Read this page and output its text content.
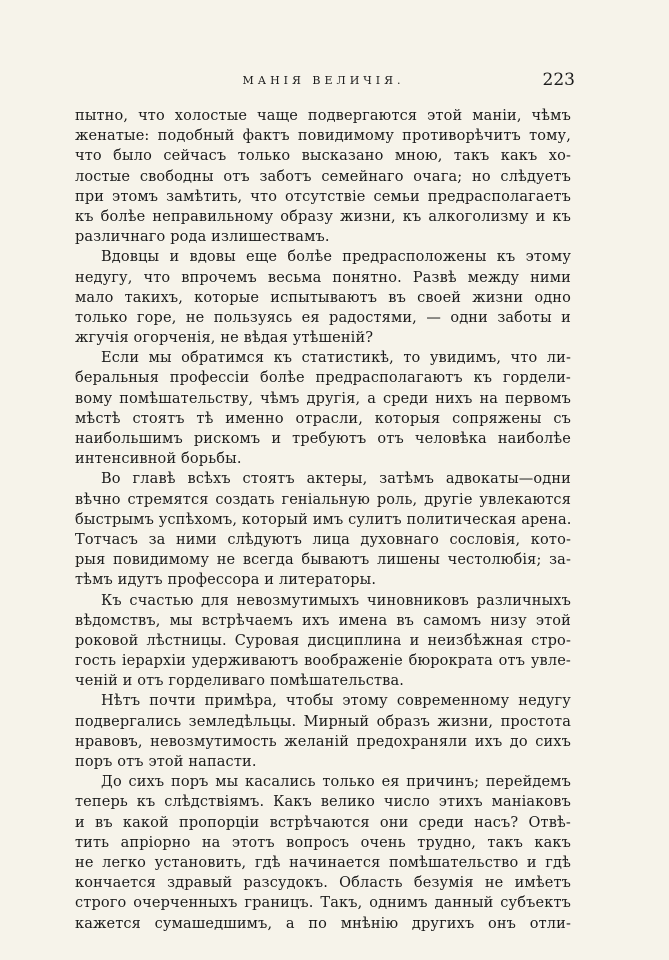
МАНІЯ ВЕЛИЧІЯ.	223
пытно, что холостые чаще подвергаются этой маніи, чѣмъ
женатые: подобный фактъ повидимому противорѣчитъ тому,
что было сейчасъ только высказано мною, такъ какъ хо-
лостые свободны отъ заботъ семейнаго очага; но слѣдуетъ
при этомъ замѣтить, что отсутствіе семьи предрасполагаетъ
къ болѣе неправильному образу жизни, къ алкоголизму и къ
различнаго рода излишествамъ.
Вдовцы и вдовы еще болѣе предрасположены къ этому
недугу, что впрочемъ весьма понятно. Развѣ между ними
мало такихъ, которые испытываютъ въ своей жизни одно
только горе, не пользуясь ея радостями, — одни заботы и
жгучія огорченія, не вѣдая утѣшеній?
Если мы обратимся къ статистикѣ, то увидимъ, что ли-
беральныя профессіи болѣе предрасполагаютъ къ гордели-
вому помѣшательству, чѣмъ другія, а среди нихъ на первомъ
мѣстѣ стоятъ тѣ именно отрасли, которыя сопряжены съ
наибольшимъ рискомъ и требуютъ отъ человѣка наиболѣе
интенсивной борьбы.
Во главѣ всѣхъ стоятъ актеры, затѣмъ адвокаты—одни
вѣчно стремятся создать геніальную роль, другіе увлекаются
быстрымъ успѣхомъ, который имъ сулитъ политическая арена.
Тотчасъ за ними слѣдуютъ лица духовнаго сословія, кото-
рыя повидимому не всегда бываютъ лишены честолюбія; за-
тѣмъ идутъ профессора и литераторы.
Къ счастью для невозмутимыхъ чиновниковъ различныхъ
вѣдомствъ, мы встрѣчаемъ ихъ имена въ самомъ низу этой
роковой лѣстницы. Суровая дисциплина и неизбѣжная стро-
гость іерархіи удерживаютъ воображеніе бюрократа отъ увле-
ченій и отъ горделиваго помѣшательства.
Нѣтъ почти примѣра, чтобы этому современному недугу
подвергались земледѣльцы. Мирный образъ жизни, простота
нравовъ, невозмутимость желаній предохраняли ихъ до сихъ
поръ отъ этой напасти.
До сихъ поръ мы касались только ея причинъ; перейдемъ
теперь къ слѣдствіямъ. Какъ велико число этихъ маніаковъ
и въ какой пропорціи встрѣчаются они среди насъ? Отвѣ-
тить апріорно на этотъ вопросъ очень трудно, такъ какъ
не легко установить, гдѣ начинается помѣшательство и гдѣ
кончается здравый разсудокъ. Область безумія не имѣетъ
строго очерченныхъ границъ. Такъ, однимъ данный субъектъ
кажется сумашедшимъ, а по мнѣнію другихъ онъ отли-
